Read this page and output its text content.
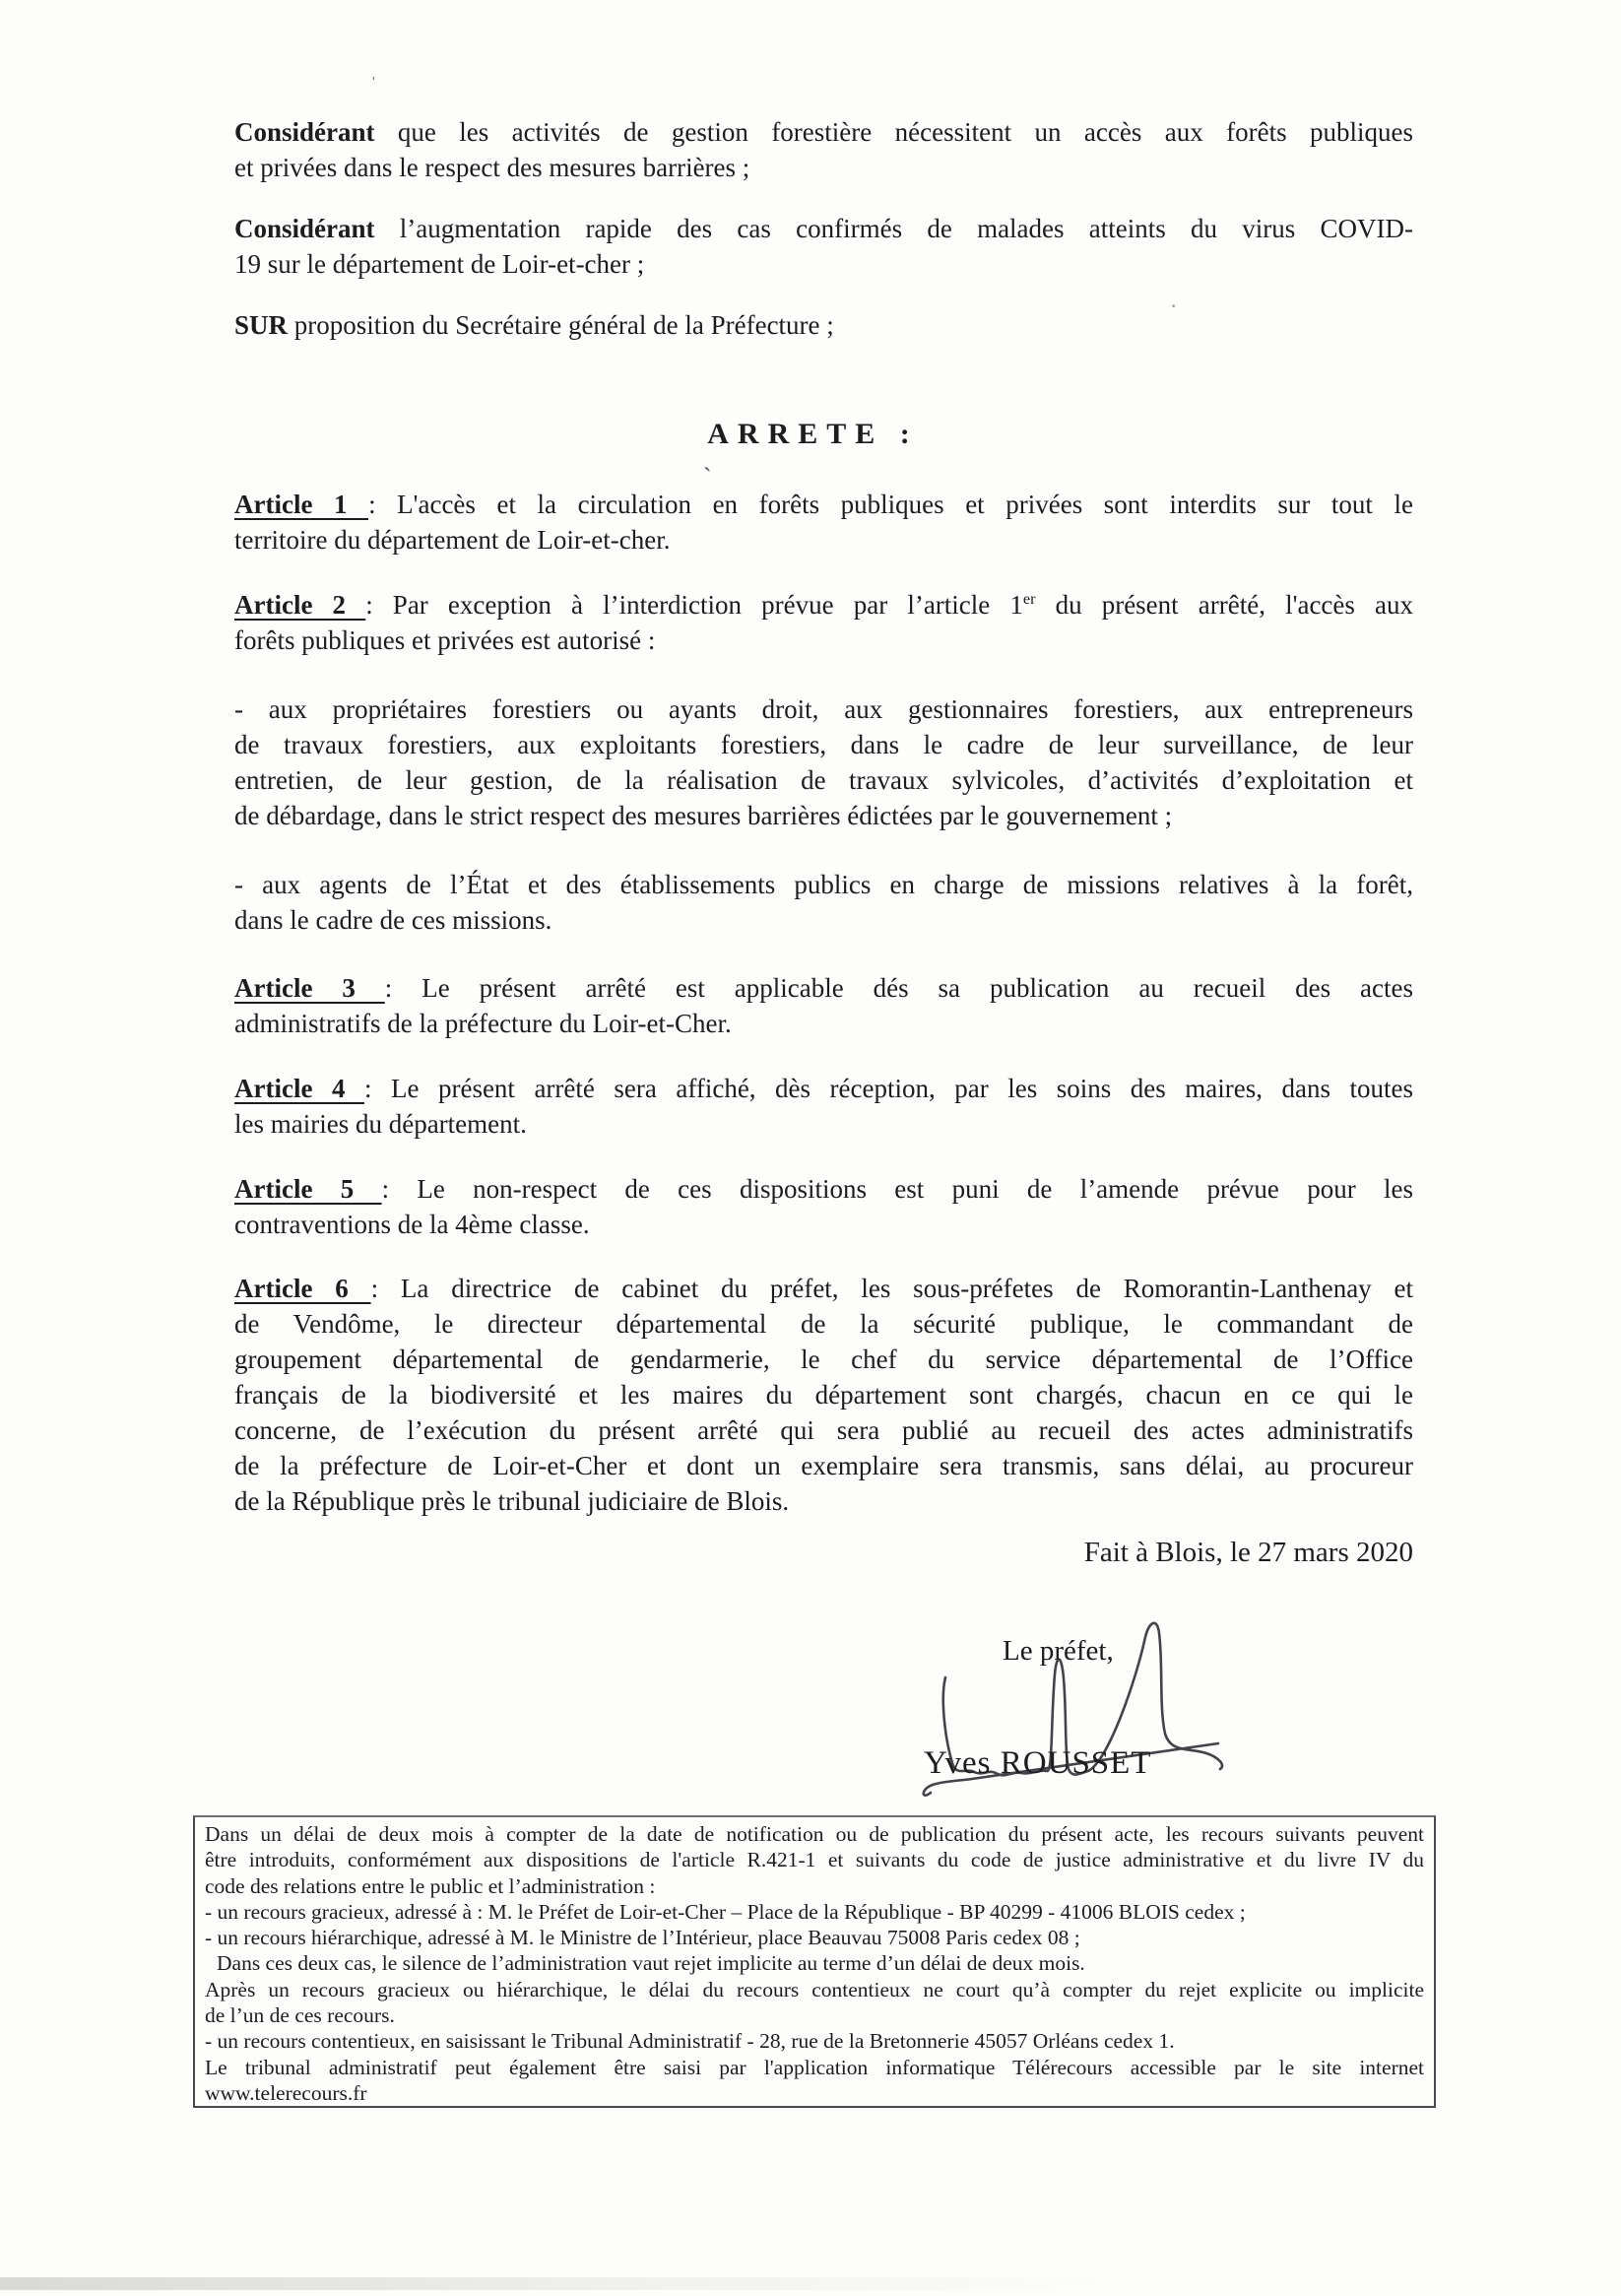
ARRETE :
Considérant que les activités de gestion forestière nécessitent un accès aux forêts publiques
et privées dans le respect des mesures barrières ;
Considérant l’augmentation rapide des cas confirmés de malades atteints du virus COVID-
19 sur le département de Loir-et-cher ;
SUR proposition du Secrétaire général de la Préfecture ;
Article 1 : L'accès et la circulation en forêts publiques et privées sont interdits sur tout le
territoire du département de Loir-et-cher.
Article 2 : Par exception à l’interdiction prévue par l’article 1er du présent arrêté, l'accès aux
forêts publiques et privées est autorisé :
- aux propriétaires forestiers ou ayants droit, aux gestionnaires forestiers, aux entrepreneurs
de travaux forestiers, aux exploitants forestiers, dans le cadre de leur surveillance, de leur
entretien, de leur gestion, de la réalisation de travaux sylvicoles, d’activités d’exploitation et
de débardage, dans le strict respect des mesures barrières édictées par le gouvernement ;
- aux agents de l’État et des établissements publics en charge de missions relatives à la forêt,
dans le cadre de ces missions.
Article 3 : Le présent arrêté est applicable dés sa publication au recueil des actes
administratifs de la préfecture du Loir-et-Cher.
Article 4 : Le présent arrêté sera affiché, dès réception, par les soins des maires, dans toutes
les mairies du département.
Article 5 : Le non-respect de ces dispositions est puni de l’amende prévue pour les
contraventions de la 4ème classe.
Article 6 : La directrice de cabinet du préfet, les sous-préfetes de Romorantin-Lanthenay et
de Vendôme, le directeur départemental de la sécurité publique, le commandant de
groupement départemental de gendarmerie, le chef du service départemental de l’Office
français de la biodiversité et les maires du département sont chargés, chacun en ce qui le
concerne, de l’exécution du présent arrêté qui sera publié au recueil des actes administratifs
de la préfecture de Loir-et-Cher et dont un exemplaire sera transmis, sans délai, au procureur
de la République près le tribunal judiciaire de Blois.
Fait à Blois, le 27 mars 2020
Le préfet,
Yves ROUSSET
Dans un délai de deux mois à compter de la date de notification ou de publication du présent acte, les recours suivants peuvent
être introduits, conformément aux dispositions de l'article R.421-1 et suivants du code de justice administrative et du livre IV du
code des relations entre le public et l’administration :
- un recours gracieux, adressé à : M. le Préfet de Loir-et-Cher – Place de la République - BP 40299 - 41006 BLOIS cedex ;
- un recours hiérarchique, adressé à M. le Ministre de l’Intérieur, place Beauvau 75008 Paris cedex 08 ;
Dans ces deux cas, le silence de l’administration vaut rejet implicite au terme d’un délai de deux mois.
Après un recours gracieux ou hiérarchique, le délai du recours contentieux ne court qu’à compter du rejet explicite ou implicite
de l’un de ces recours.
- un recours contentieux, en saisissant le Tribunal Administratif - 28, rue de la Bretonnerie 45057 Orléans cedex 1.
Le tribunal administratif peut également être saisi par l'application informatique Télérecours accessible par le site internet
www.telerecours.fr
ˈ
·
`
